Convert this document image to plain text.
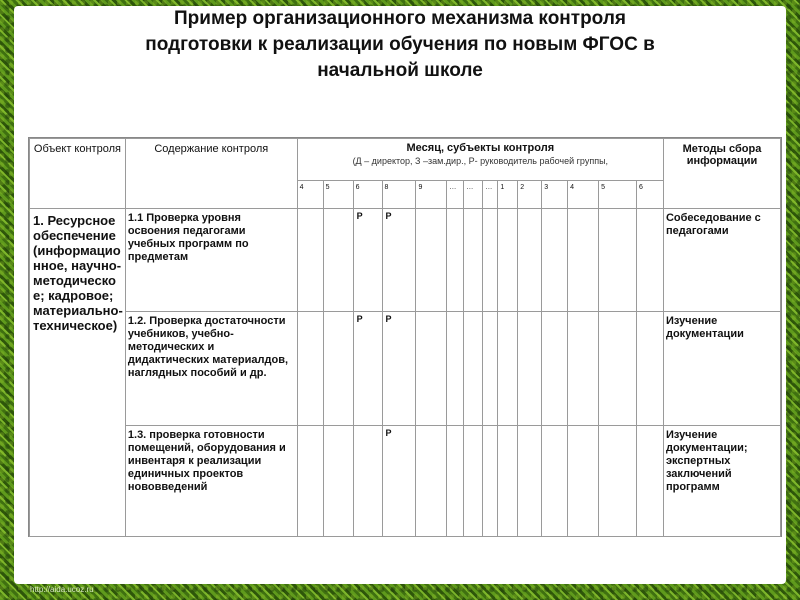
Пример организационного механизма контроля
подготовки к реализации обучения по новым ФГОС в
начальной школе
Объект контроля	Содержание контроля	Месяц, субъекты контроля
(Д – директор, З –зам.дир., Р- руководитель рабочей группы,														Методы сбора информации
		4	5	6	8	9	…	…	…	1	2	3	4	5	6	
1. Ресурсное обеспечение (информационное, научно-методическое; кадровое; материально-техническое)	1.1 Проверка уровня освоения педагогами учебных программ по предметам			Р	Р											Собеседование с педагогами
	1.2. Проверка достаточности учебников, учебно-методических и дидактических материалдов, наглядных пособий и др.			Р	Р											Изучение документации
	1.3. проверка готовности помещений, оборудования и инвентаря к реализации единичных проектов нововведений				Р											Изучение документации; экспертных заключений программ
http://aida.ucoz.ru
